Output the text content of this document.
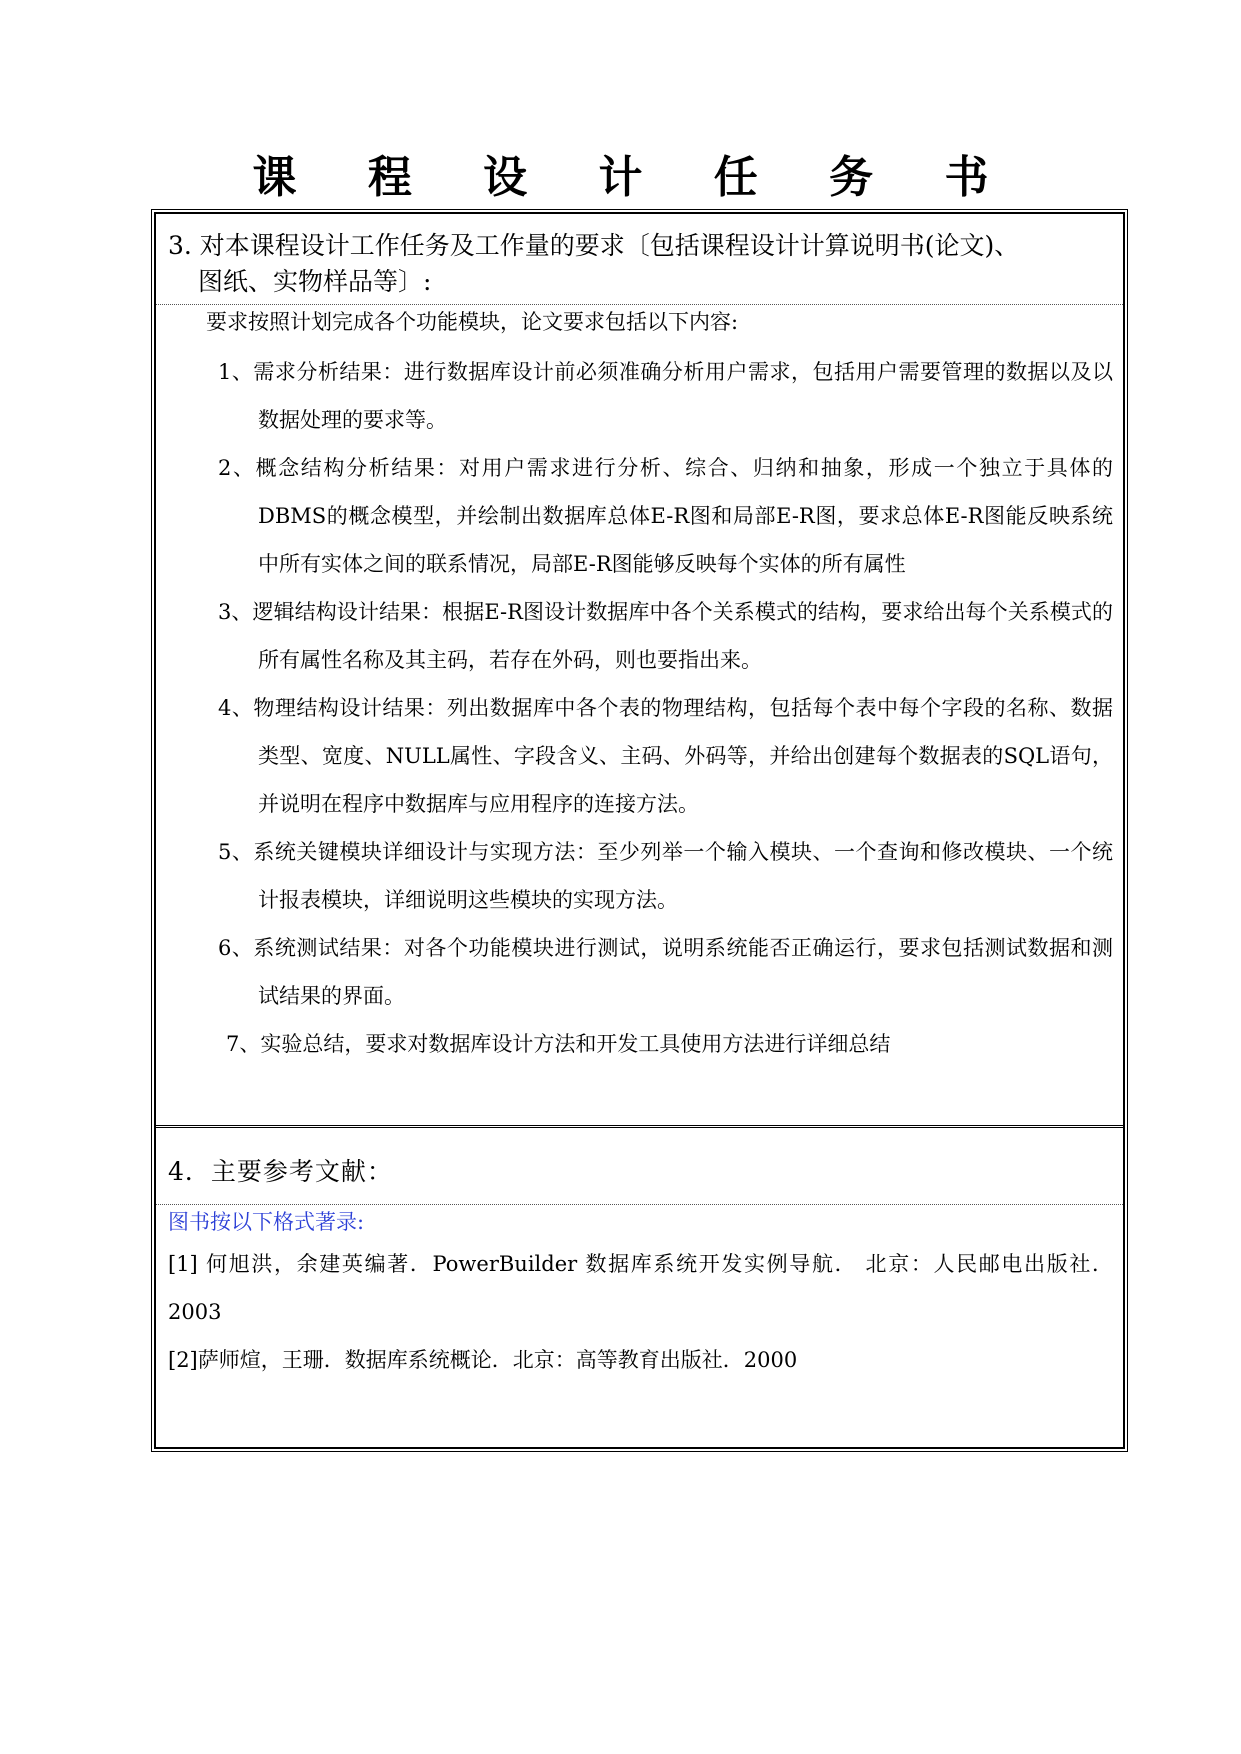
课 程 设 计 任 务 书
3. 对本课程设计工作任务及工作量的要求〔包括课程设计计算说明书(论文)、
图纸、实物样品等〕:
要求按照计划完成各个功能模块，论文要求包括以下内容:
1、需求分析结果：进行数据库设计前必须准确分析用户需求，包括用户需要管理的数据以及以数据处理的要求等。
2、概念结构分析结果：对用户需求进行分析、综合、归纳和抽象，形成一个独立于具体的DBMS的概念模型，并绘制出数据库总体E-R图和局部E-R图，要求总体E-R图能反映系统中所有实体之间的联系情况，局部E-R图能够反映每个实体的所有属性
3、逻辑结构设计结果：根据E-R图设计数据库中各个关系模式的结构，要求给出每个关系模式的所有属性名称及其主码，若存在外码，则也要指出来。
4、物理结构设计结果：列出数据库中各个表的物理结构，包括每个表中每个字段的名称、数据类型、宽度、NULL属性、字段含义、主码、外码等，并给出创建每个数据表的SQL语句，并说明在程序中数据库与应用程序的连接方法。
5、系统关键模块详细设计与实现方法：至少列举一个输入模块、一个查询和修改模块、一个统计报表模块，详细说明这些模块的实现方法。
6、系统测试结果：对各个功能模块进行测试，说明系统能否正确运行，要求包括测试数据和测试结果的界面。
7、实验总结，要求对数据库设计方法和开发工具使用方法进行详细总结
4．主要参考文献：
图书按以下格式著录:
[1] 何旭洪，余建英编著．PowerBuilder 数据库系统开发实例导航． 北京：人民邮电出版社． 2003
[2]萨师煊，王珊．数据库系统概论．北京：高等教育出版社．2000
